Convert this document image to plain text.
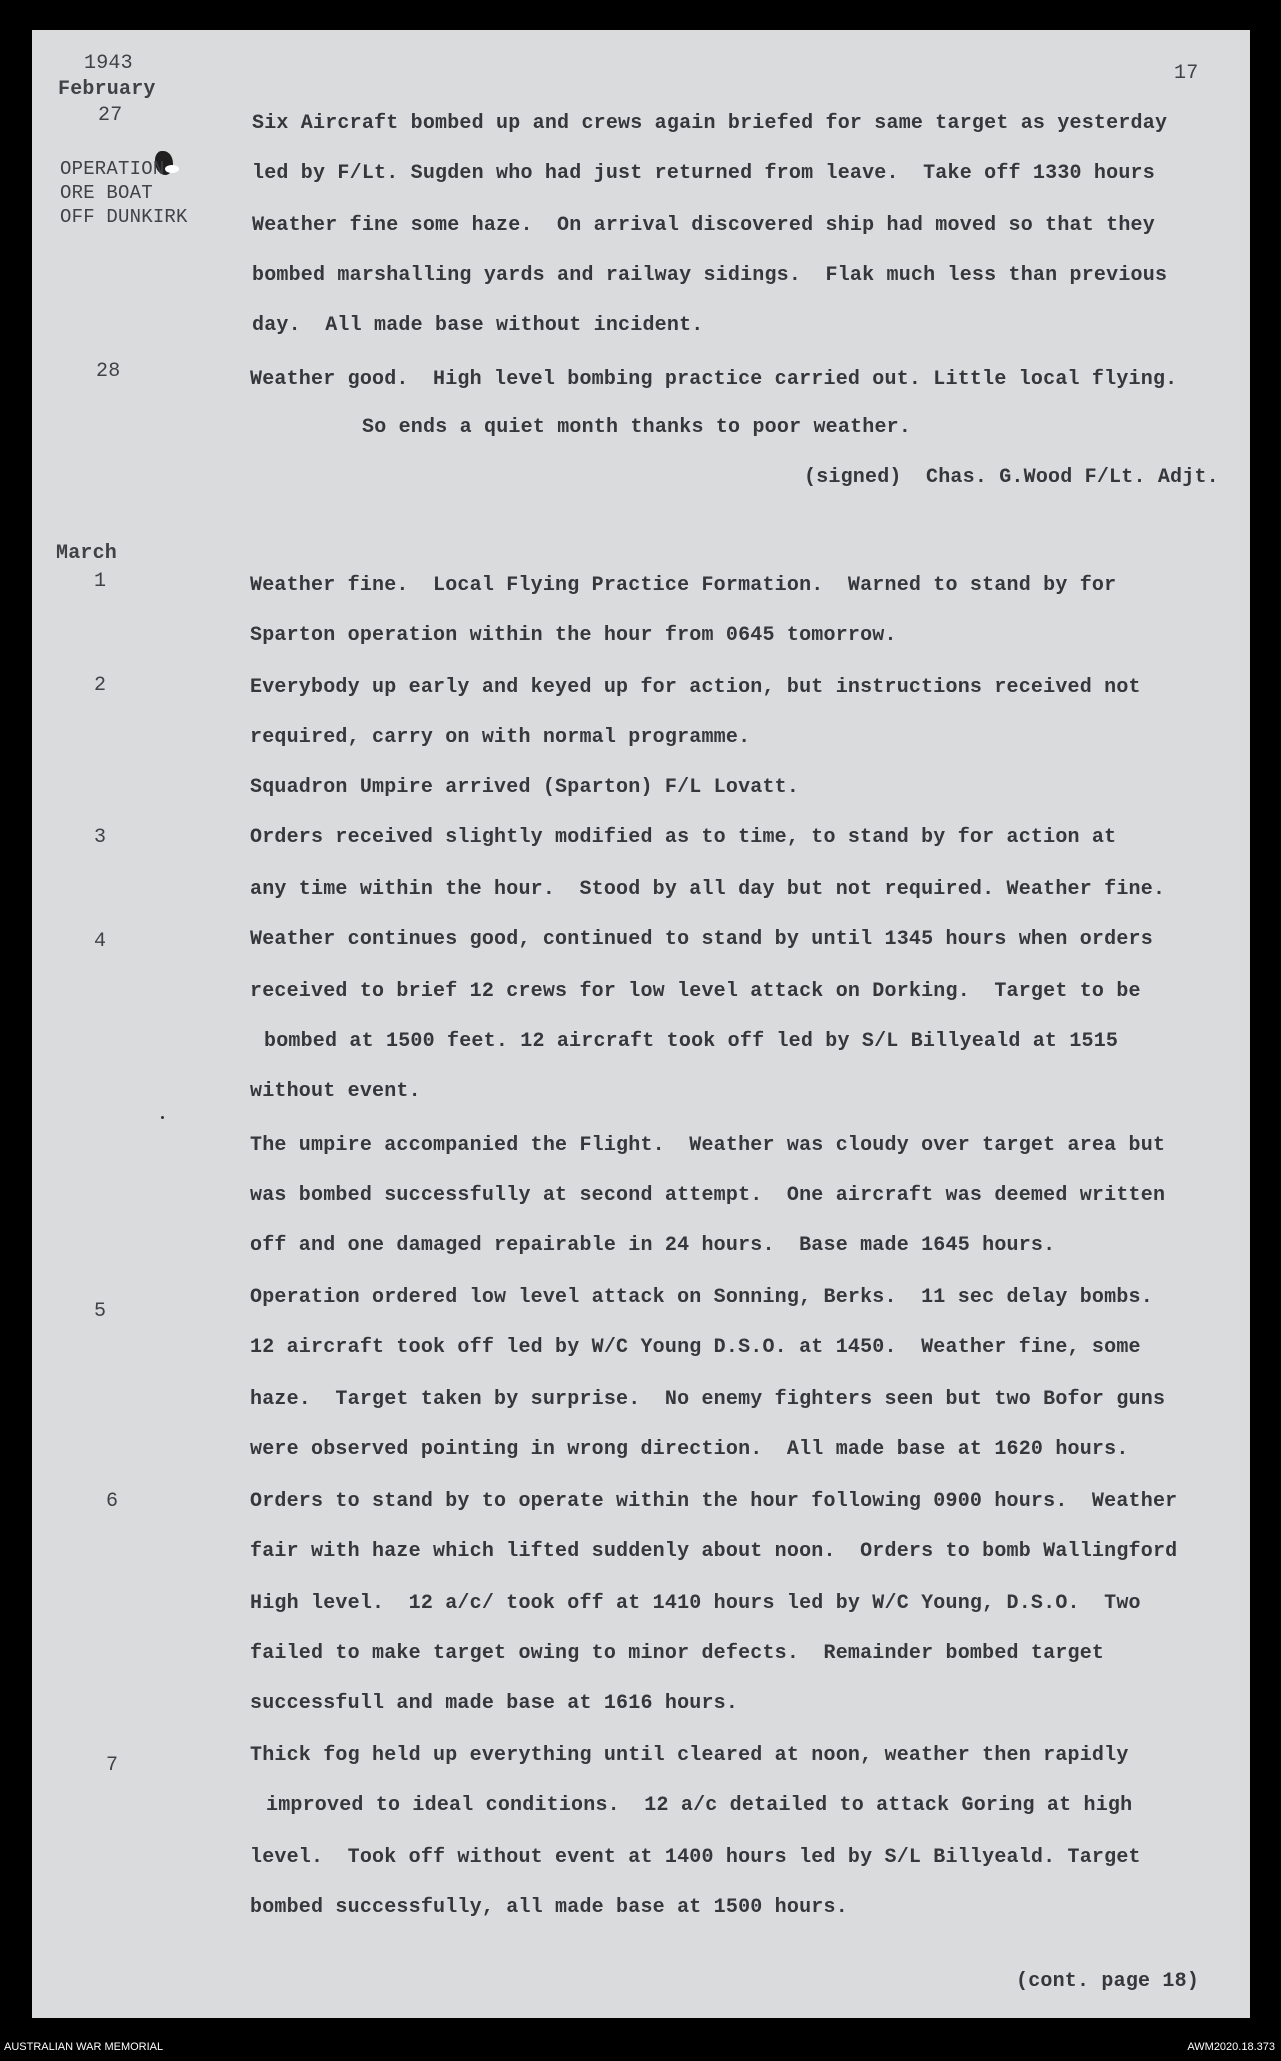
1943
February
27
OPERATION
ORE BOAT
OFF DUNKIRK
28
March
1
2
3
4
5
6
7
17
Six Aircraft bombed up and crews again briefed for same target as yesterday
led by F/Lt. Sugden who had just returned from leave.  Take off 1330 hours
Weather fine some haze.  On arrival discovered ship had moved so that they
bombed marshalling yards and railway sidings.  Flak much less than previous
day.  All made base without incident.
Weather good.  High level bombing practice carried out. Little local flying.
So ends a quiet month thanks to poor weather.
(signed)  Chas. G.Wood F/Lt. Adjt.
Weather fine.  Local Flying Practice Formation.  Warned to stand by for
Sparton operation within the hour from 0645 tomorrow.
Everybody up early and keyed up for action, but instructions received not
required, carry on with normal programme.
Squadron Umpire arrived (Sparton) F/L Lovatt.
Orders received slightly modified as to time, to stand by for action at
any time within the hour.  Stood by all day but not required. Weather fine.
Weather continues good, continued to stand by until 1345 hours when orders
received to brief 12 crews for low level attack on Dorking.  Target to be
bombed at 1500 feet. 12 aircraft took off led by S/L Billyeald at 1515
without event.
The umpire accompanied the Flight.  Weather was cloudy over target area but
was bombed successfully at second attempt.  One aircraft was deemed written
off and one damaged repairable in 24 hours.  Base made 1645 hours.
Operation ordered low level attack on Sonning, Berks.  11 sec delay bombs.
12 aircraft took off led by W/C Young D.S.O. at 1450.  Weather fine, some
haze.  Target taken by surprise.  No enemy fighters seen but two Bofor guns
were observed pointing in wrong direction.  All made base at 1620 hours.
Orders to stand by to operate within the hour following 0900 hours.  Weather
fair with haze which lifted suddenly about noon.  Orders to bomb Wallingford
High level.  12 a/c/ took off at 1410 hours led by W/C Young, D.S.O.  Two
failed to make target owing to minor defects.  Remainder bombed target
successfull and made base at 1616 hours.
Thick fog held up everything until cleared at noon, weather then rapidly
improved to ideal conditions.  12 a/c detailed to attack Goring at high
level.  Took off without event at 1400 hours led by S/L Billyeald. Target
bombed successfully, all made base at 1500 hours.
(cont. page 18)
AUSTRALIAN WAR MEMORIAL	AWM2020.18.373
